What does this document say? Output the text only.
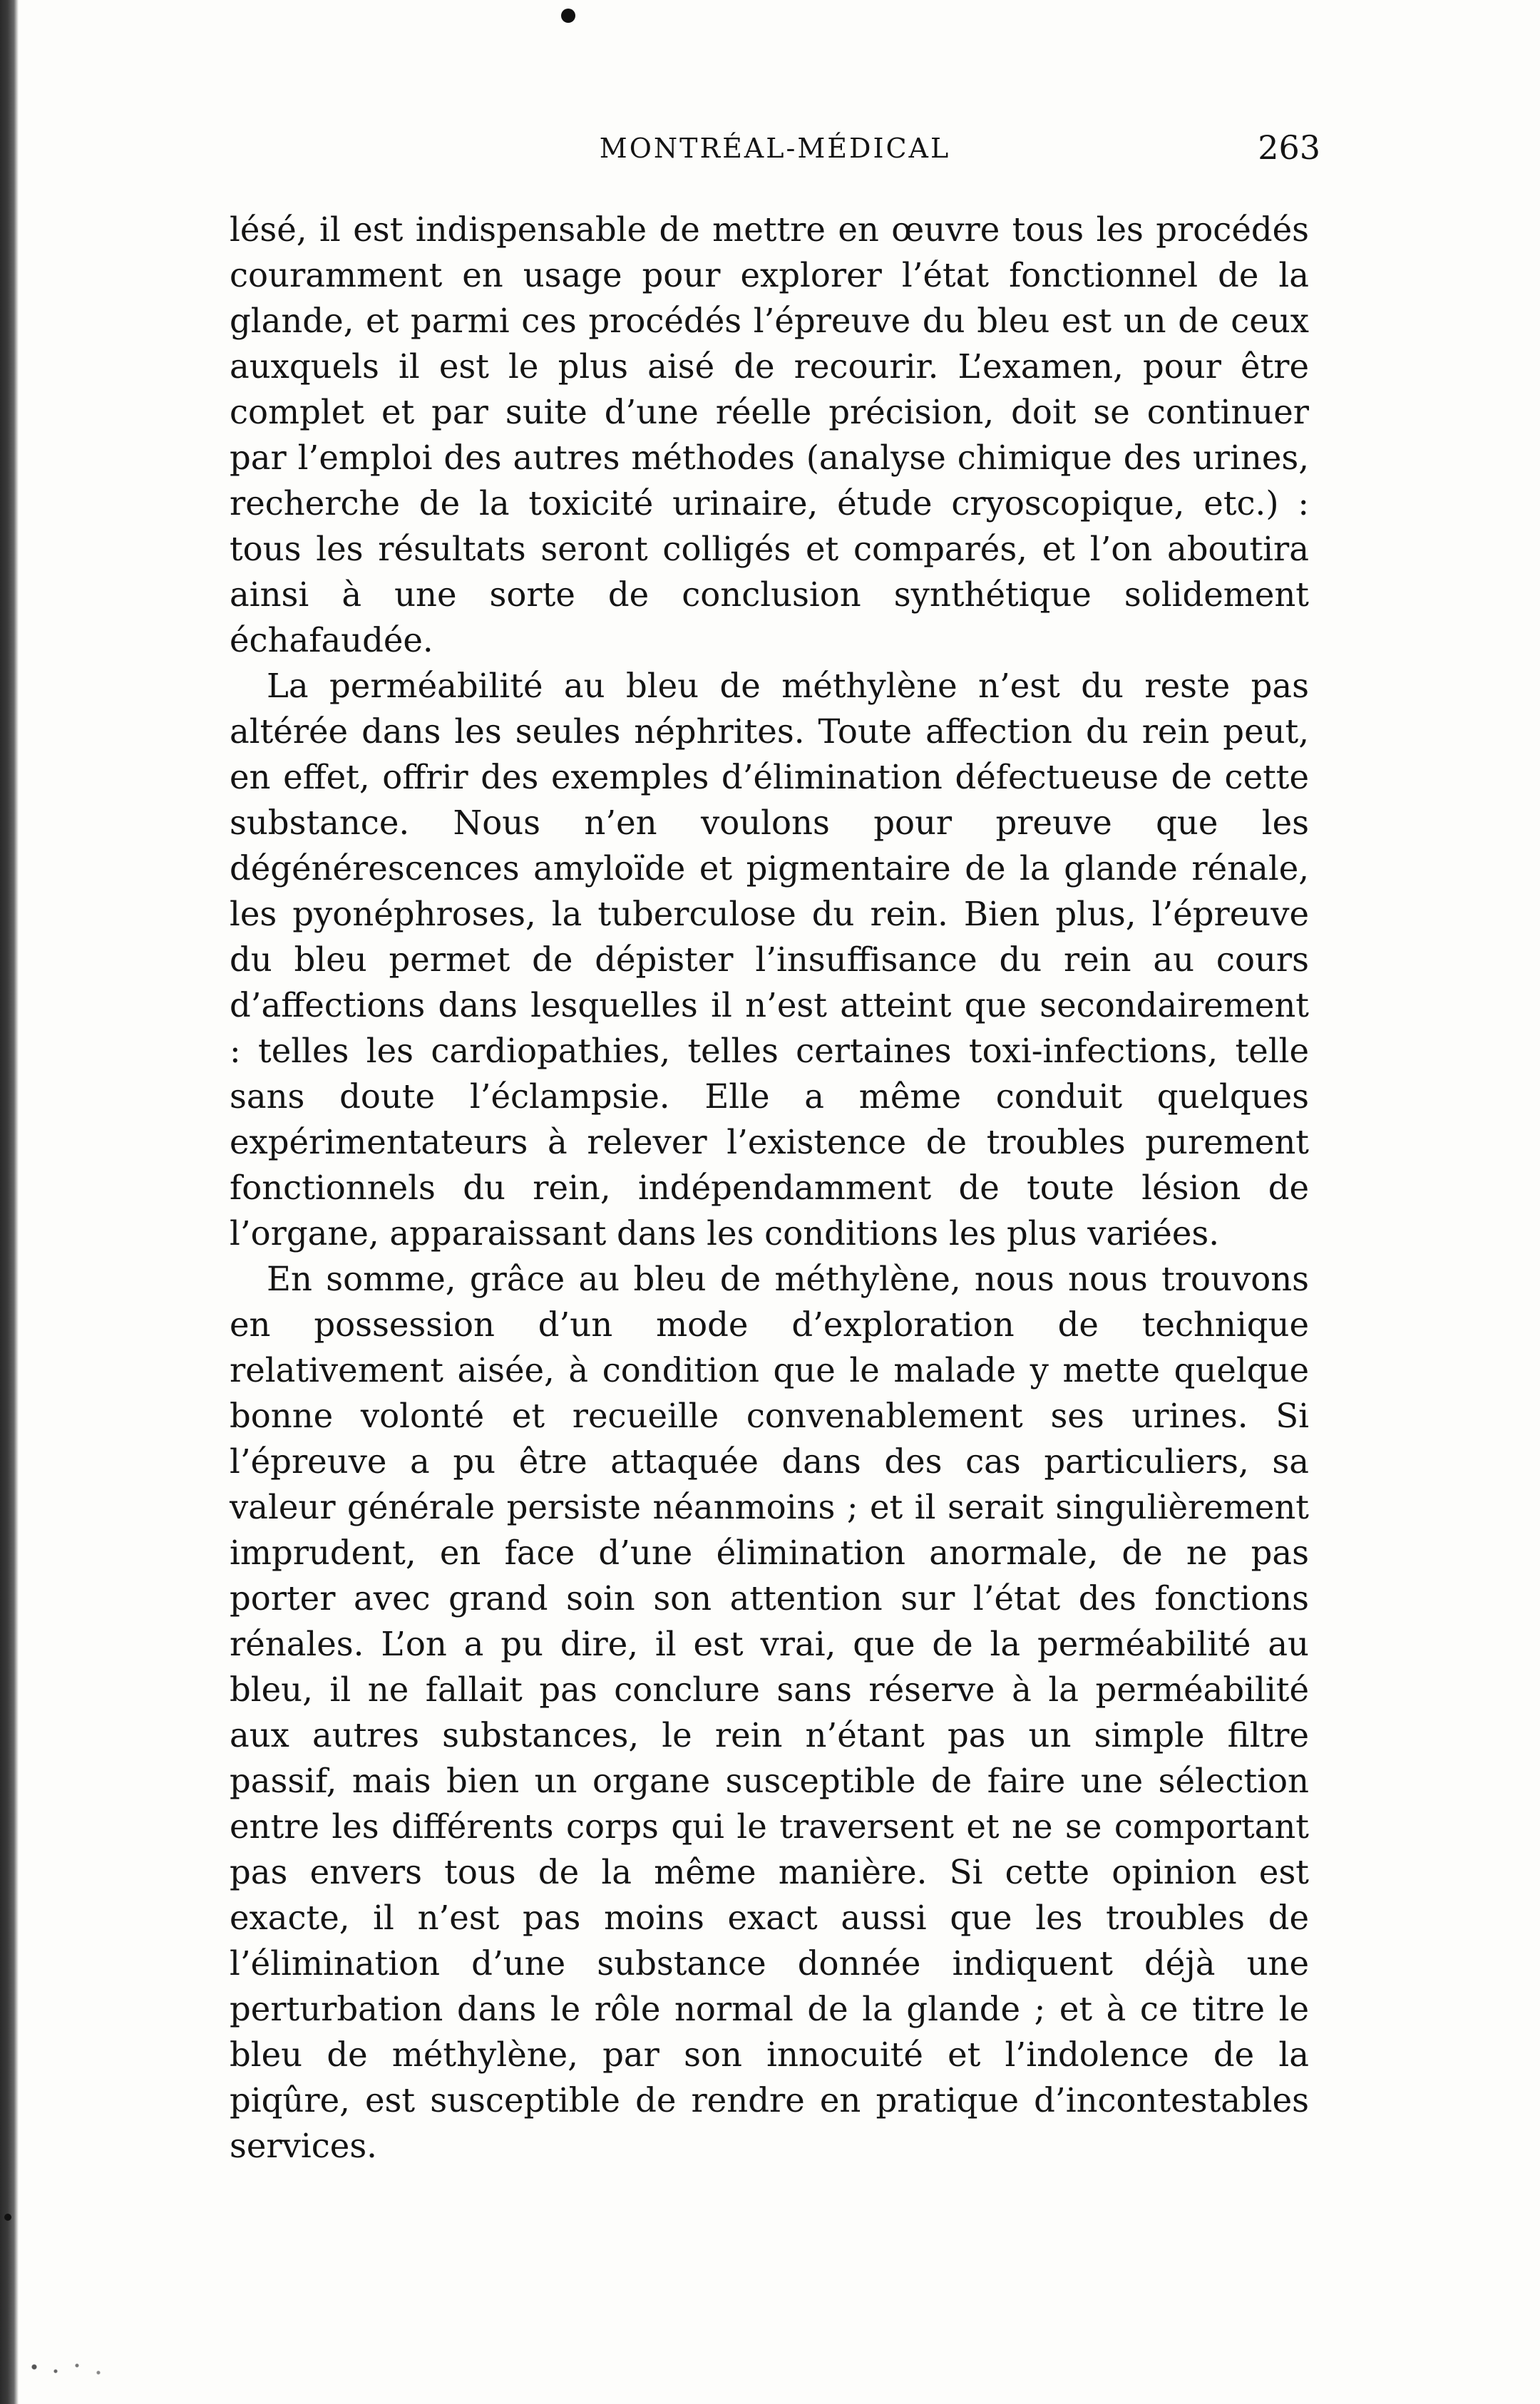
MONTRÉAL-MÉDICAL	263

lésé, il est indispensable de mettre en œuvre tous les procédés couramment en usage pour explorer l’état fonctionnel de la glande, et parmi ces procédés l’épreuve du bleu est un de ceux auxquels il est le plus aisé de recourir. L’examen, pour être complet et par suite d’une réelle précision, doit se continuer par l’emploi des autres méthodes (analyse chimique des urines, recherche de la toxicité urinaire, étude cryoscopique, etc.) : tous les résultats seront colligés et comparés, et l’on aboutira ainsi à une sorte de conclusion synthétique solidement échafaudée.

La perméabilité au bleu de méthylène n’est du reste pas altérée dans les seules néphrites. Toute affection du rein peut, en effet, offrir des exemples d’élimination défectueuse de cette substance. Nous n’en voulons pour preuve que les dégénérescences amyloïde et pigmentaire de la glande rénale, les pyonéphroses, la tuberculose du rein. Bien plus, l’épreuve du bleu permet de dépister l’insuffisance du rein au cours d’affections dans lesquelles il n’est atteint que secondairement : telles les cardiopathies, telles certaines toxi-infections, telle sans doute l’éclampsie. Elle a même conduit quelques expérimentateurs à relever l’existence de troubles purement fonctionnels du rein, indépendamment de toute lésion de l’organe, apparaissant dans les conditions les plus variées.

En somme, grâce au bleu de méthylène, nous nous trouvons en possession d’un mode d’exploration de technique relativement aisée, à condition que le malade y mette quelque bonne volonté et recueille convenablement ses urines. Si l’épreuve a pu être attaquée dans des cas particuliers, sa valeur générale persiste néanmoins ; et il serait singulièrement imprudent, en face d’une élimination anormale, de ne pas porter avec grand soin son attention sur l’état des fonctions rénales. L’on a pu dire, il est vrai, que de la perméabilité au bleu, il ne fallait pas conclure sans réserve à la perméabilité aux autres substances, le rein n’étant pas un simple filtre passif, mais bien un organe susceptible de faire une sélection entre les différents corps qui le traversent et ne se comportant pas envers tous de la même manière. Si cette opinion est exacte, il n’est pas moins exact aussi que les troubles de l’élimination d’une substance donnée indiquent déjà une perturbation dans le rôle normal de la glande ; et à ce titre le bleu de méthylène, par son innocuité et l’indolence de la piqûre, est susceptible de rendre en pratique d’incontestables services.
